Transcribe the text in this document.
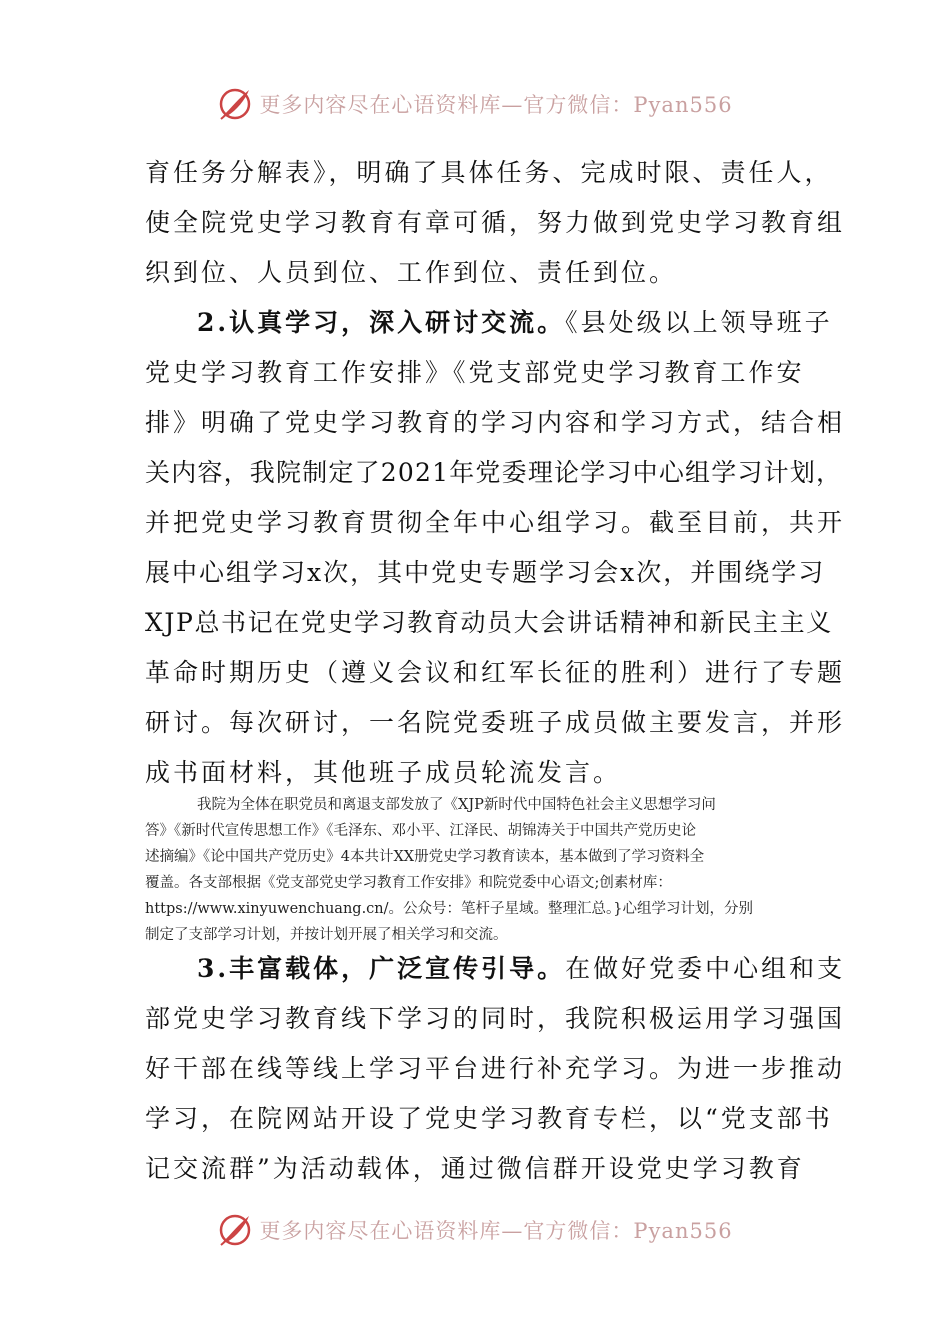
更多内容尽在心语资料库—官方微信：Pyan556
育任务分解表》，明确了具体任务、完成时限、责任人，
使全院党史学习教育有章可循，努力做到党史学习教育组
织到位、人员到位、工作到位、责任到位。
2.认真学习，深入研讨交流。《县处级以上领导班子
党史学习教育工作安排》《党支部党史学习教育工作安
排》明确了党史学习教育的学习内容和学习方式，结合相
关内容，我院制定了2021年党委理论学习中心组学习计划，
并把党史学习教育贯彻全年中心组学习。截至目前，共开
展中心组学习x次，其中党史专题学习会x次，并围绕学习
XJP总书记在党史学习教育动员大会讲话精神和新民主主义
革命时期历史（遵义会议和红军长征的胜利）进行了专题
研讨。每次研讨，一名院党委班子成员做主要发言，并形
成书面材料，其他班子成员轮流发言。
我院为全体在职党员和离退支部发放了《XJP新时代中国特色社会主义思想学习问
答》《新时代宣传思想工作》《毛泽东、邓小平、江泽民、胡锦涛关于中国共产党历史论
述摘编》《论中国共产党历史》4本共计XX册党史学习教育读本，基本做到了学习资料全
覆盖。各支部根据《党支部党史学习教育工作安排》和院党委中心语文;创素材库：
https://www.xinyuwenchuang.cn/。公众号：笔杆子星域。整理汇总。}心组学习计划，分别
制定了支部学习计划，并按计划开展了相关学习和交流。
3.丰富载体，广泛宣传引导。在做好党委中心组和支
部党史学习教育线下学习的同时，我院积极运用学习强国
好干部在线等线上学习平台进行补充学习。为进一步推动
学习，在院网站开设了党史学习教育专栏，以“党支部书
记交流群”为活动载体，通过微信群开设党史学习教育
更多内容尽在心语资料库—官方微信：Pyan556
